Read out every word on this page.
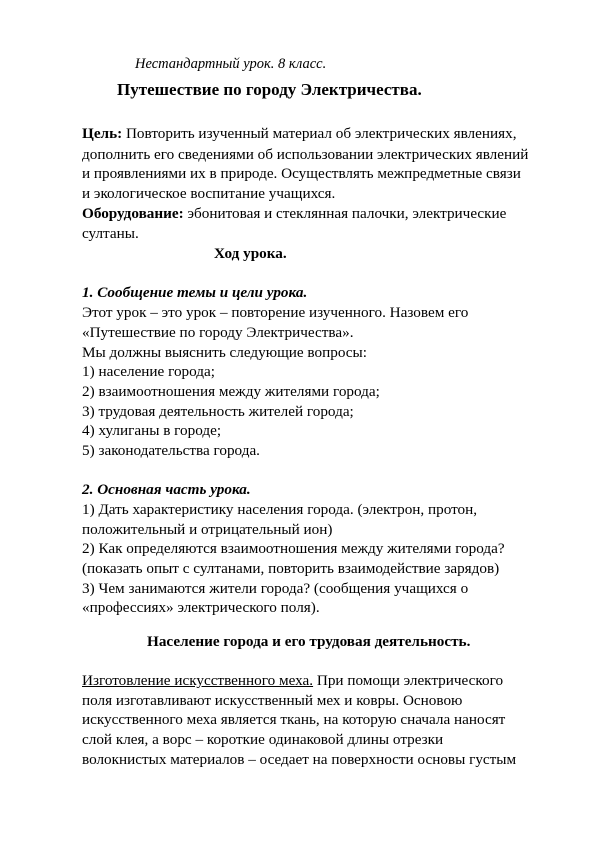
Нестандартный урок. 8 класс.

Путешествие по городу Электричества.

Цель: Повторить изученный материал об электрических явлениях,

дополнить его сведениями об использовании электрических явлений

и проявлениями их в природе. Осуществлять межпредметные связи

и экологическое воспитание учащихся.

Оборудование: эбонитовая и стеклянная палочки, электрические

султаны.

Ход урока.

1. Сообщение темы и цели урока.

Этот урок – это урок – повторение изученного. Назовем его

«Путешествие по городу Электричества».

Мы должны выяснить следующие вопросы:

1) население города;

2) взаимоотношения между жителями города;

3) трудовая деятельность жителей города;

4) хулиганы в городе;

5) законодательства города.

2. Основная часть урока.

1) Дать характеристику населения города. (электрон, протон,

положительный и отрицательный ион)

2) Как определяются взаимоотношения между жителями города?

(показать опыт с султанами, повторить взаимодействие зарядов)

3) Чем занимаются жители города? (сообщения учащихся о

«профессиях» электрического поля).

Население города и его трудовая деятельность.

Изготовление искусственного меха. При помощи электрического

поля изготавливают искусственный мех и ковры. Основою

искусственного меха является ткань, на которую сначала наносят

слой клея, а ворс – короткие одинаковой длины отрезки

волокнистых материалов – оседает на поверхности основы густым
